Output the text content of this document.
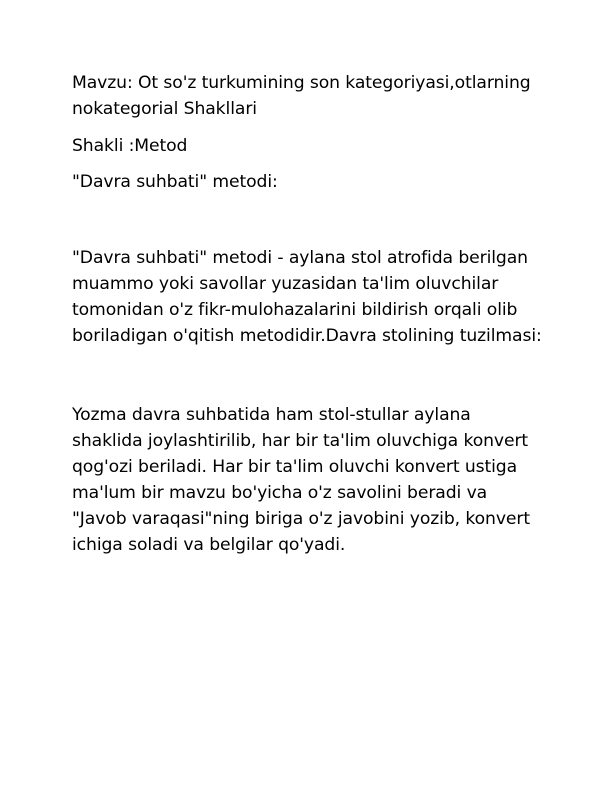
Mavzu: Ot so'z turkumining son kategoriyasi,otlarning nokategorial Shakllari

Shakli :Metod

"Davra suhbati" metodi:

"Davra suhbati" metodi - aylana stol atrofida berilgan muammo yoki savollar yuzasidan ta'lim oluvchilar tomonidan o'z fikr-mulohazalarini bildirish orqali olib boriladigan o'qitish metodidir.Davra stolining tuzilmasi:

Yozma davra suhbatida ham stol-stullar aylana shaklida joylashtirilib, har bir ta'lim oluvchiga konvert qog'ozi beriladi. Har bir ta'lim oluvchi konvert ustiga ma'lum bir mavzu bo'yicha o'z savolini beradi va "Javob varaqasi"ning biriga o'z javobini yozib, konvert ichiga soladi va belgilar qo'yadi.
